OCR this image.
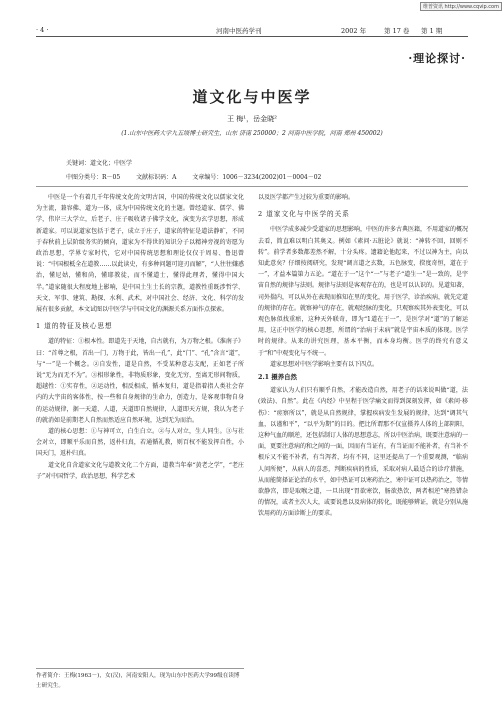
维普资讯 http://www.cqvip.com
· 4 ·	河南中医药学刊	2002 年	第 17 卷 第 1 期
·理论探讨·
道文化与中医学
王 梅¹，岳金晓²
(1.山东中医药大学九五级博士研究生，山东 济南 250000；2 河南中医学院，河南 郑州 450002)
关键词：道文化；中医学
中图分类号：R－05	文献标识码：A	文章编号：1006－3234(2002)01－0004－02

中医是一个有着几千年传统文化的文明古国，中国的传统文化以儒家文化为主流，兼容佛、道为一体，成为中国传统文化的主题。曾经道家、儒学、佛学，伟岸三大学立，后老子、庄子吸收诸子佛学文化，演变为玄学思想，形成新道家。可以说道家包括于老子，成立于庄子，道家的特征是道法静旷，不同于春秋前上层阶级务实的倾向，道家为不得世的知识分子以精神旁视的寄愿为政治思想，学界专家时代，它对中国传统思想和理论仅仅于周易、鲁迅曾说：“中国根柢全在道教……以此读史，有多种问题可迎刃而解”，“人往往嫌惑治，懂尼姑，懂和尚，懂耶教徒，而不懂道士，懂得此理者，懂得中国大半。”道家随很大程度地上影响，是中国土生土长的宗教，道教性重既涉哲学、天文、军事、建筑、勘探、水利、武术，对中国社会、经济、文化、科学的发展有很多贡献，本文试图以中医学与中国文化的渊源关系方面作点探索。

1 道的特征及核心思想

道的特征：①根本性。即道先于天地，自古就有，为万物之根。《淮南子》曰：“首尊之根，首出一门，万物于此，皆出一孔”，此“门”、“孔”含言“道”，与“一”是一个概念。②自发性，道是自然，不受某种意志支配，正如老子所说“无为而无不为”。③相形象性，非物质形象，变化无穷，至离无形间物质，超越性：①实存性，②运动性，相反相成，循本复归，道是指着指人类社会存内的大宇宙的客体性，按一些和自身规律的生命力，创造力，是客观事物自身的运动规律，据一天道、人道，天道即自然规律，人道即天方规，我认为老子的就消如是前期老人自然而然适应自然环境，达到无为而治。

道的核心思想：①与神可立，白生白立。②与人对立，生人同生。③与社会对立，即顺平乐而自然，返朴归真，若通循礼教，则百权不能发挥自性，小国天门，返朴归真。

道文化自含道家文化与道教文化二个方面，道教当年奉“黄老之学”，“老庄子”对中国哲学，政治思想，科学艺术

作者简介：王梅(1963－)，女(汉)，河南安阳人，现为山东中医药大学99级在读博士研究生。

以及医学都产生过较为重要的影响。

2 道家文化与中医学的关系

中医学成多减少受道家的思想影响，中医的许多古典医籍，不用道家的概况去看，简直难以明白其奥义。例如《素问·五脏论》就说：“神转不回，回则不转”。前学者多数都差然不解，十分头疼。遗籍论他起来，不过以神为主，向以知此意矣？仔细按阅研究，发现“调言道之玄数，五色脉变，揆度奇恒，道在于一”，才益本篇第力五论。“道在于一”这个“一”与老子“道生一”是一致的，是宇宙自然的规律与法则。规律与法则是客观存在的，也是可以认识的。见道知著，司外揣内，可以从外在表现而推知在里的变化，用于医学，诊治疾病，就先定道的规律的存在。就察神气的存在，就观经脉的变化，只观察疾其外表变化，可以观色脉似找重瘀，这种天外联奇，即为“1道在于一”，是医学对“道”的了解运用，这正中医学的核心思想，所谓的“治病于未病”就是宇宙本质的体现。医学时的规律。从来的讲究医理，基本平衡，而本身均衡。医学的终究有意义于“和”中观变化与不统一。

道家思想对中医学影响主要有以下四点。

2.1 摄养自然

道家认为人们只有顺乎自然，才能改造自然，用老子的话来说叫做“道，法(效法)、自然”。此在《内经》中呈程于医学痛文而得到深刻发挥，如《素问·移伤》：“瘥察所以”，就是从自然规律，掌握疾病发生发展的规律，达到“调其气血，以谨和平”，“以平为期”的目的。把比所谓那不仅宣摄养人体的上部阴阳，这种气血的顺逆，还包括制订人体的思想意志，所以中医治病，既要注意病的一面，更要注意病的和之间的一面，因而有当证有，有当证而不能补者，有当补不根斥又不能不补者，有当泻者，均有不同，这里还提出了一个重要观测，“临病人问所便”，从病人的喜恶，判断疾病的性质，采取对病人最适合的诊疗措施，从而能简择证论治的水平，如中热证可以寒药治之，寒中证可以热药治之，等情欲静宫，即是取喉之道，一旦出现“胃欲寒饮，肠欲热饮，两者相逆”寒热错杂的情况，或者主次人大，或要说患以及病体的转化，既能够辨证，就是分别从施饮用药的方面诊断上的要求。
